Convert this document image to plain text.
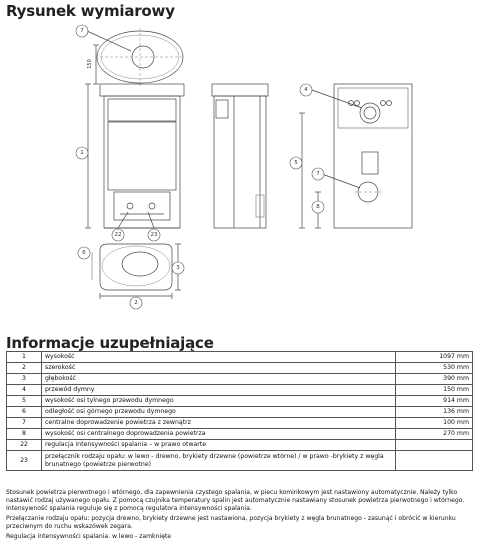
Rysunek wymiarowy
7
1
22	23
4
5
7
8
6
3
2
150
Informacje uzupełniające
1	wysokość	1097 mm
2	szerokość	530 mm
3	głębokość	390 mm
4	przewód dymny	150 mm
5	wysokość osi tylnego przewodu dymnego	914 mm
6	odległość osi górnego przewodu dymnego	136 mm
7	centralne doprowadzenie powietrza z zewnątrz	100 mm
8	wysokość osi centralnego doprowadzenia powietrza	270 mm
22	regulacja intensywności spalania – w prawo otwarte	
23	przełącznik rodzaju opału: w lewo - drewno, brykiety drzewne (powietrze wtórne) / w prawo -brykiety z węgla brunatnego (powietrze pierwotne)	

Stosunek powietrza pierwotnego i wtórnego, dla zapewnienia czystego spalania, w piecu kominkowym jest nastawiony automatycznie. Należy tylko nastawić rodzaj używanego opału. Z pomocą czujnika temperatury spalin jest automatycznie nastawiany stosunek powietrza pierwotnego i wtórnego. Intensywność spalania reguluje się z pomocą regulatora intensywności spalania.

Przełączanie rodzaju opału: pozycja drewno, brykiety drzewne jest nastawiona, pozycja brykiety z węgla brunatnego - zasunąć i obrócić w kierunku przeciwnym do ruchu wskazówek zegara.

Regulacja intensywności spalania. w lewo - zamknięte
